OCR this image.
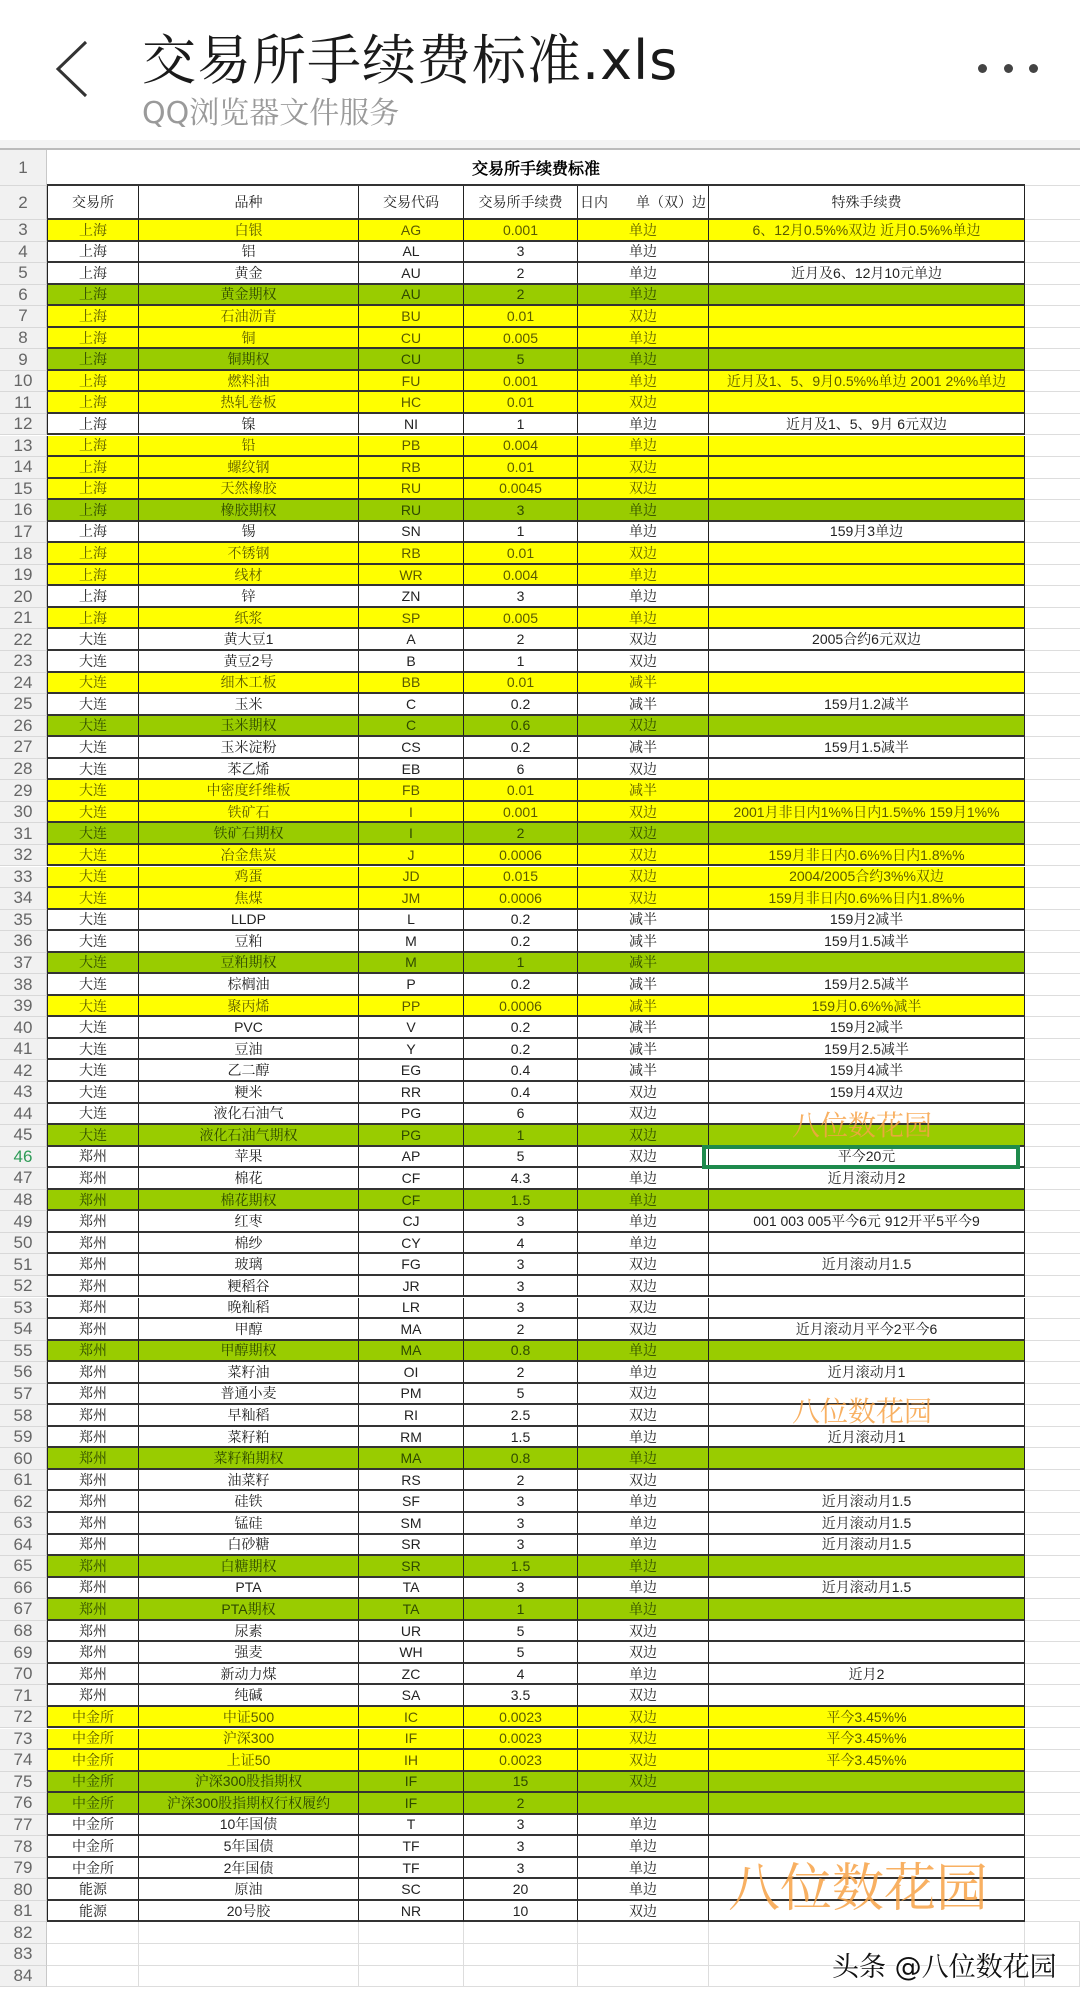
交易所手续费标准.xls
QQ浏览器文件服务
1	交易所手续费标准
2	交易所	品种	交易代码	交易所手续费	日内　　单（双）边	特殊手续费
3	上海	白银	AG	0.001	单边	6、12月0.5%%双边 近月0.5%%单边
4	上海	铝	AL	3	单边
5	上海	黄金	AU	2	单边	近月及6、12月10元单边
6	上海	黄金期权	AU	2	单边
7	上海	石油沥青	BU	0.01	双边
8	上海	铜	CU	0.005	单边
9	上海	铜期权	CU	5	单边
10	上海	燃料油	FU	0.001	单边	近月及1、5、9月0.5%%单边 2001 2%%单边
11	上海	热轧卷板	HC	0.01	双边
12	上海	镍	NI	1	单边	近月及1、5、9月 6元双边
13	上海	铅	PB	0.004	单边
14	上海	螺纹钢	RB	0.01	双边
15	上海	天然橡胶	RU	0.0045	双边
16	上海	橡胶期权	RU	3	单边
17	上海	锡	SN	1	单边	159月3单边
18	上海	不锈钢	RB	0.01	双边
19	上海	线材	WR	0.004	单边
20	上海	锌	ZN	3	单边
21	上海	纸浆	SP	0.005	单边
22	大连	黄大豆1	A	2	双边	2005合约6元双边
23	大连	黄豆2号	B	1	双边
24	大连	细木工板	BB	0.01	减半
25	大连	玉米	C	0.2	减半	159月1.2减半
26	大连	玉米期权	C	0.6	双边
27	大连	玉米淀粉	CS	0.2	减半	159月1.5减半
28	大连	苯乙烯	EB	6	双边
29	大连	中密度纤维板	FB	0.01	减半
30	大连	铁矿石	I	0.001	双边	2001月非日内1%%日内1.5%% 159月1%%
31	大连	铁矿石期权	I	2	双边
32	大连	冶金焦炭	J	0.0006	双边	159月非日内0.6%%日内1.8%%
33	大连	鸡蛋	JD	0.015	双边	2004/2005合约3%%双边
34	大连	焦煤	JM	0.0006	双边	159月非日内0.6%%日内1.8%%
35	大连	LLDP	L	0.2	减半	159月2减半
36	大连	豆粕	M	0.2	减半	159月1.5减半
37	大连	豆粕期权	M	1	减半
38	大连	棕榈油	P	0.2	减半	159月2.5减半
39	大连	聚丙烯	PP	0.0006	减半	159月0.6%%减半
40	大连	PVC	V	0.2	减半	159月2减半
41	大连	豆油	Y	0.2	减半	159月2.5减半
42	大连	乙二醇	EG	0.4	减半	159月4减半
43	大连	粳米	RR	0.4	双边	159月4双边
44	大连	液化石油气	PG	6	双边
45	大连	液化石油气期权	PG	1	双边
46	郑州	苹果	AP	5	双边	平今20元
47	郑州	棉花	CF	4.3	单边	近月滚动月2
48	郑州	棉花期权	CF	1.5	单边
49	郑州	红枣	CJ	3	单边	001 003 005平今6元 912开平5平今9
50	郑州	棉纱	CY	4	单边
51	郑州	玻璃	FG	3	双边	近月滚动月1.5
52	郑州	粳稻谷	JR	3	双边
53	郑州	晚籼稻	LR	3	双边
54	郑州	甲醇	MA	2	双边	近月滚动月平今2平今6
55	郑州	甲醇期权	MA	0.8	单边
56	郑州	菜籽油	OI	2	单边	近月滚动月1
57	郑州	普通小麦	PM	5	双边
58	郑州	早籼稻	RI	2.5	双边
59	郑州	菜籽粕	RM	1.5	单边	近月滚动月1
60	郑州	菜籽粕期权	MA	0.8	单边
61	郑州	油菜籽	RS	2	双边
62	郑州	硅铁	SF	3	单边	近月滚动月1.5
63	郑州	锰硅	SM	3	单边	近月滚动月1.5
64	郑州	白砂糖	SR	3	单边	近月滚动月1.5
65	郑州	白糖期权	SR	1.5	单边
66	郑州	PTA	TA	3	单边	近月滚动月1.5
67	郑州	PTA期权	TA	1	单边
68	郑州	尿素	UR	5	双边
69	郑州	强麦	WH	5	双边
70	郑州	新动力煤	ZC	4	单边	近月2
71	郑州	纯碱	SA	3.5	双边
72	中金所	中证500	IC	0.0023	双边	平今3.45%%
73	中金所	沪深300	IF	0.0023	双边	平今3.45%%
74	中金所	上证50	IH	0.0023	双边	平今3.45%%
75	中金所	沪深300股指期权	IF	15	双边
76	中金所	沪深300股指期权行权履约	IF	2
77	中金所	10年国债	T	3	单边
78	中金所	5年国债	TF	3	单边
79	中金所	2年国债	TF	3	单边
80	能源	原油	SC	20	单边
81	能源	20号胶	NR	10	双边
82
83
84
八位数花园
八位数花园
八位数花园
头条 @八位数花园
